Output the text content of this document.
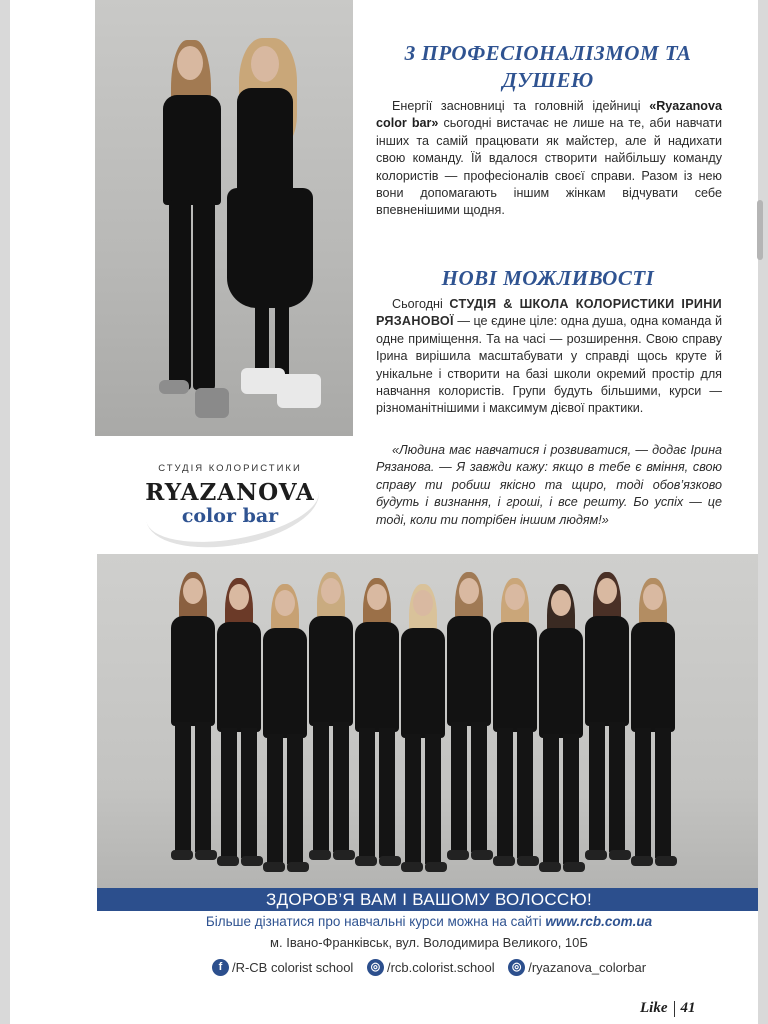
СТУДІЯ КОЛОРИСТИКИ
RYAZANOVA
color bar
З ПРОФЕСІОНАЛІЗМОМ ТА ДУШЕЮ

Енергії засновниці та головній ідейниці «Ryazanova color bar» сьогодні вистачає не лише на те, аби навчати інших та самій працювати як майстер, але й надихати свою команду. Їй вдалося створити найбільшу команду колористів — професіоналів своєї справи. Разом із нею вони допомагають іншим жінкам відчувати себе впевненішими щодня.

НОВІ МОЖЛИВОСТІ

Сьогодні СТУДІЯ & ШКОЛА КОЛОРИСТИКИ ІРИНИ РЯЗАНОВОЇ — це єдине ціле: одна душа, одна команда й одне приміщення. Та на часі — розширення. Свою справу Ірина вирішила масштабувати у справді щось круте й унікальне і створити на базі школи окремий простір для навчання колористів. Групи будуть більшими, курси — різноманітнішими і максимум дієвої практики.

«Людина має навчатися і розвиватися, — додає Ірина Рязанова. — Я завжди кажу: якщо в тебе є вміння, свою справу ти робиш якісно та щиро, тоді обов’язково будуть і визнання, і гроші, і все решту. Бо успіх — це тоді, коли ти потрібен іншим людям!»

ЗДОРОВ’Я ВАМ І ВАШОМУ ВОЛОССЮ!
Більше дізнатися про навчальні курси можна на сайті www.rcb.com.ua
м. Івано-Франківськ, вул. Володимира Великого, 10Б
f /R-CB colorist school
	◎ /rcb.colorist.school
	◎ /ryazanova_colorbar
Like 41
